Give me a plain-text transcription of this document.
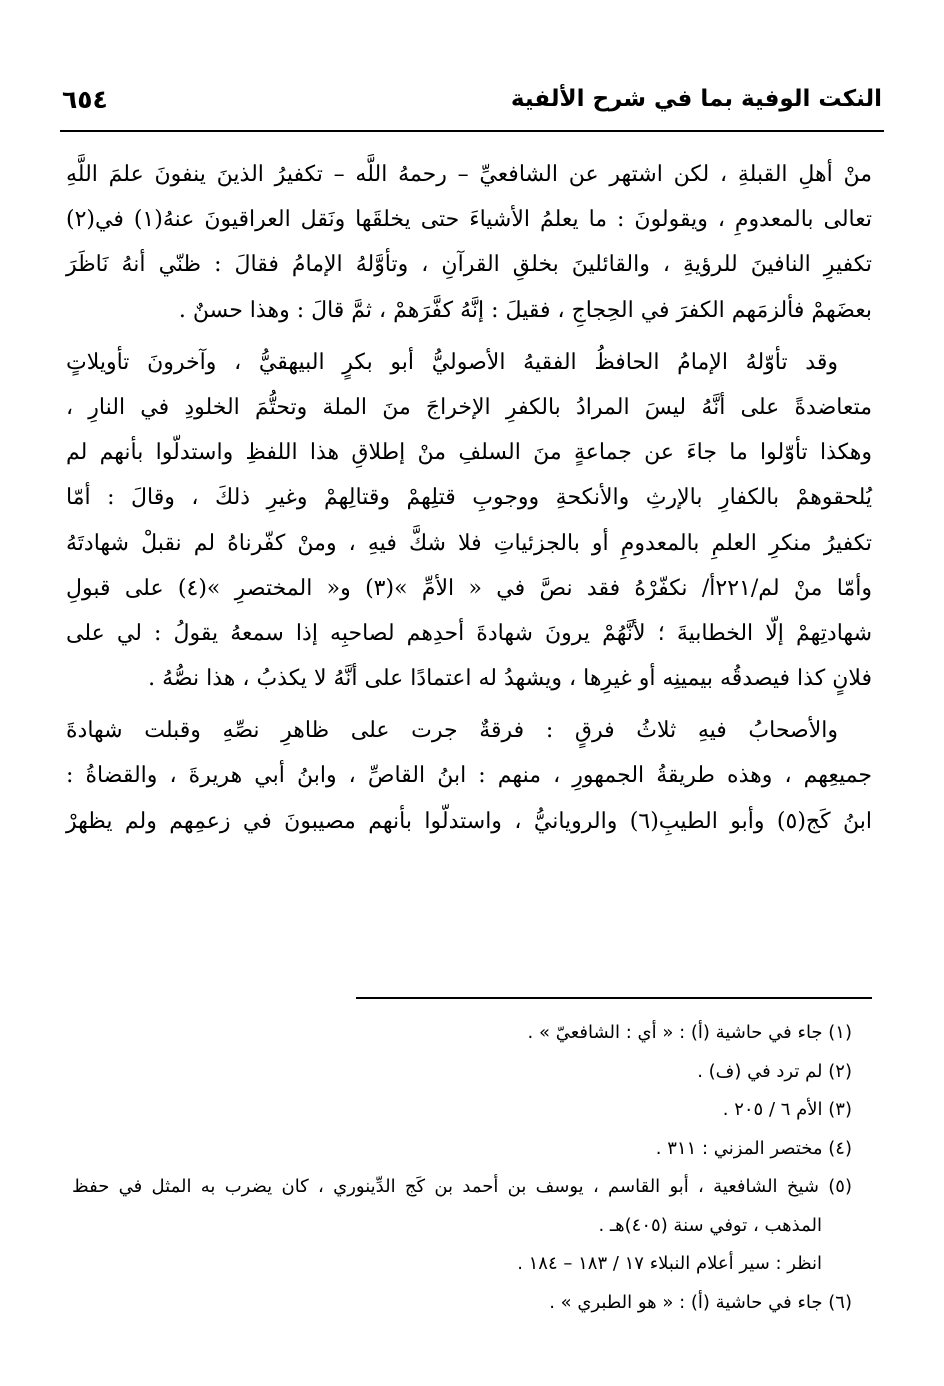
النكت الوفية بما في شرح الألفية
٦٥٤
منْ أهلِ القبلةِ ، لكن اشتهر عن الشافعيِّ – رحمهُ اللَّه – تكفيرُ الذينَ ينفونَ علمَ اللَّهِ
تعالى بالمعدومِ ، ويقولونَ : ما يعلمُ الأشياءَ حتى يخلقَها ونَقل العراقيونَ عنهُ(١) في(٢)
تكفيرِ النافينَ للرؤيةِ ، والقائلينَ بخلقِ القرآنِ ، وتأوَّلهُ الإمامُ فقالَ : ظنّي أنهُ نَاظَرَ
بعضَهمْ فألزمَهم الكفرَ في الحِجاجِ ، فقيلَ : إنَّهُ كفَّرَهمْ ، ثمَّ قالَ : وهذا حسنٌ .
وقد تأوّلهُ الإمامُ الحافظُ الفقيهُ الأصوليُّ أبو بكرٍ البيهقيُّ ، وآخرونَ تأويلاتٍ
متعاضدةً على أنَّهُ ليسَ المرادُ بالكفرِ الإخراجَ منَ الملة وتحتُّمَ الخلودِ في النارِ ،
وهكذا تأوّلوا ما جاءَ عن جماعةٍ منَ السلفِ منْ إطلاقِ هذا اللفظِ واستدلّوا بأنهم لم
يُلحقوهمْ بالكفارِ بالإرثِ والأنكحةِ ووجوبِ قتلِهمْ وقتالِهمْ وغيرِ ذلكَ ، وقالَ : أمّا
تكفيرُ منكرِ العلمِ بالمعدومِ أو بالجزئياتِ فلا شكَّ فيهِ ، ومنْ كفّرناهُ لم نقبلْ شهادتَهُ
وأمّا منْ لم/٢٢١أ/ نكفّرْهُ فقد نصَّ في « الأمِّ »(٣) و« المختصرِ »(٤) على قبولِ
شهادتِهمْ إلّا الخطابيةَ ؛ لأنَّهُمْ يرونَ شهادةَ أحدِهم لصاحبِه إذا سمعهُ يقولُ : لي على
فلانٍ كذا فيصدقُه بيمينِه أو غيرِها ، ويشهدُ له اعتمادًا على أنَّهُ لا يكذبُ ، هذا نصُّهُ .
والأصحابُ فيهِ ثلاثُ فرقٍ : فرقةٌ جرت على ظاهرِ نصِّهِ وقبلت شهادةَ
جميعِهم ، وهذه طريقةُ الجمهورِ ، منهم : ابنُ القاصِّ ، وابنُ أبي هريرةَ ، والقضاةُ :
ابنُ كَج(٥) وأبو الطيبِ(٦) والرويانيُّ ، واستدلّوا بأنهم مصيبونَ في زعمِهم ولم يظهرْ
(١) جاء في حاشية (أ) : « أي : الشافعيّ » .
(٢) لم ترد في (ف) .
(٣) الأم ٦ / ٢٠٥ .
(٤) مختصر المزني : ٣١١ .
(٥) شيخ الشافعية ، أبو القاسم ، يوسف بن أحمد بن كَج الدِّينوري ، كان يضرب به المثل في حفظ
المذهب ، توفي سنة (٤٠٥)هـ .
انظر : سير أعلام النبلاء ١٧ / ١٨٣ – ١٨٤ .
(٦) جاء في حاشية (أ) : « هو الطبري » .
